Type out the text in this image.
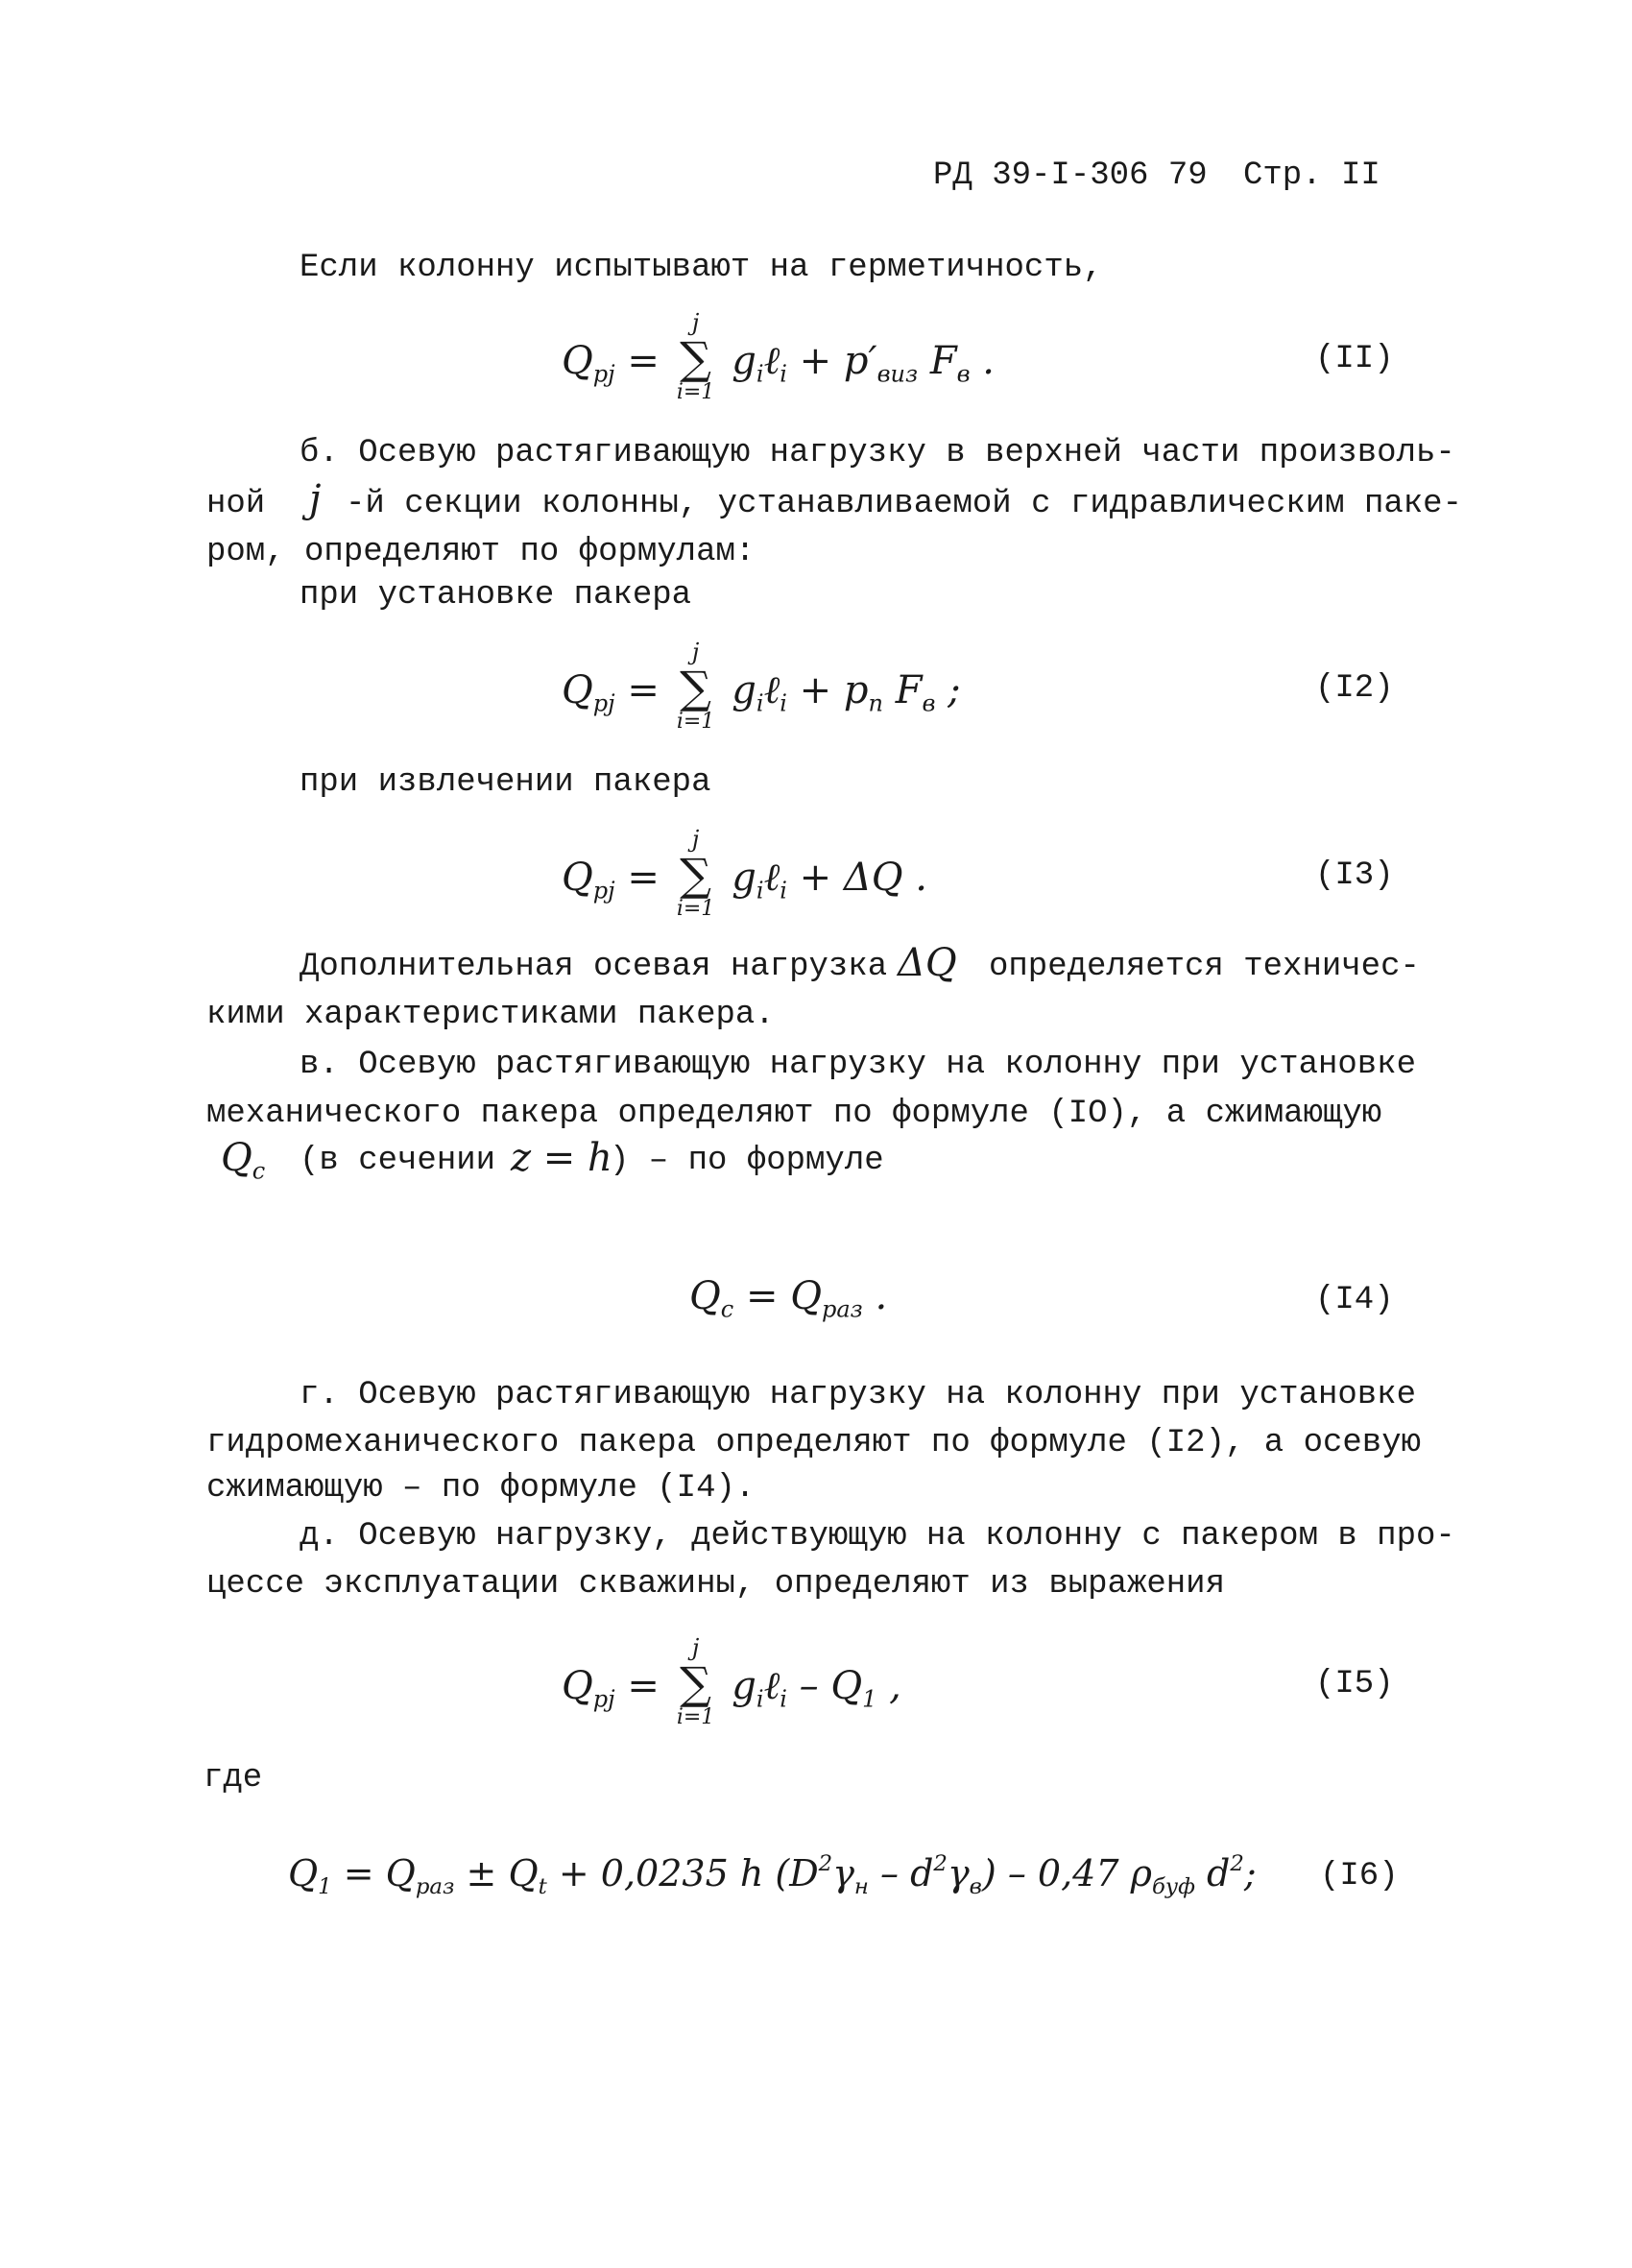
РД 39-I-306 79 Стр. II
Если колонну испытывают на герметичность,
$Q_{pj}$ =
j
∑
i=1
$g_i\ell_i + p'_{виз}$ $F_в$ .	(II)
б. Осевую растягивающую нагрузку в верхней части произволь-
ной j -й секции колонны, устанавливаемой с гидравлическим паке-
ром, определяют по формулам:
при установке пакера
$Q_{pj}$ =
j
∑
i=1
$g_i\ell_i + p_п$ $F_в$ ;	(I2)
при извлечении пакера
$Q_{pj}$ =
j
∑
i=1
$g_i\ell_i + \Delta Q$ .	(I3)
Дополнительная осевая нагрузка ΔQ определяется техничес-
кими характеристиками пакера.
в. Осевую растягивающую нагрузку на колонну при установке
механического пакера определяют по формуле (IO), а сжимающую
$Q_c$ (в сечении z = h
) – по формуле
$Q_c = Q_{раз}$ .	(I4)
г. Осевую растягивающую нагрузку на колонну при установке
гидромеханического пакера определяют по формуле (I2), а осевую
сжимающую – по формуле (I4).
д. Осевую нагрузку, действующую на колонну с пакером в про-
цессе эксплуатации скважины, определяют из выражения
$Q_{pj}$ =
j
∑
i=1
$g_i\ell_i - Q_1$ ,	(I5)
где
$Q_1 = Q_{раз} \pm Q_t + 0,0235$ h $(D^2\gamma_н - d^2\gamma_в) - 0,47$ $\rho_{буф}$ $d^2$; (I6)
